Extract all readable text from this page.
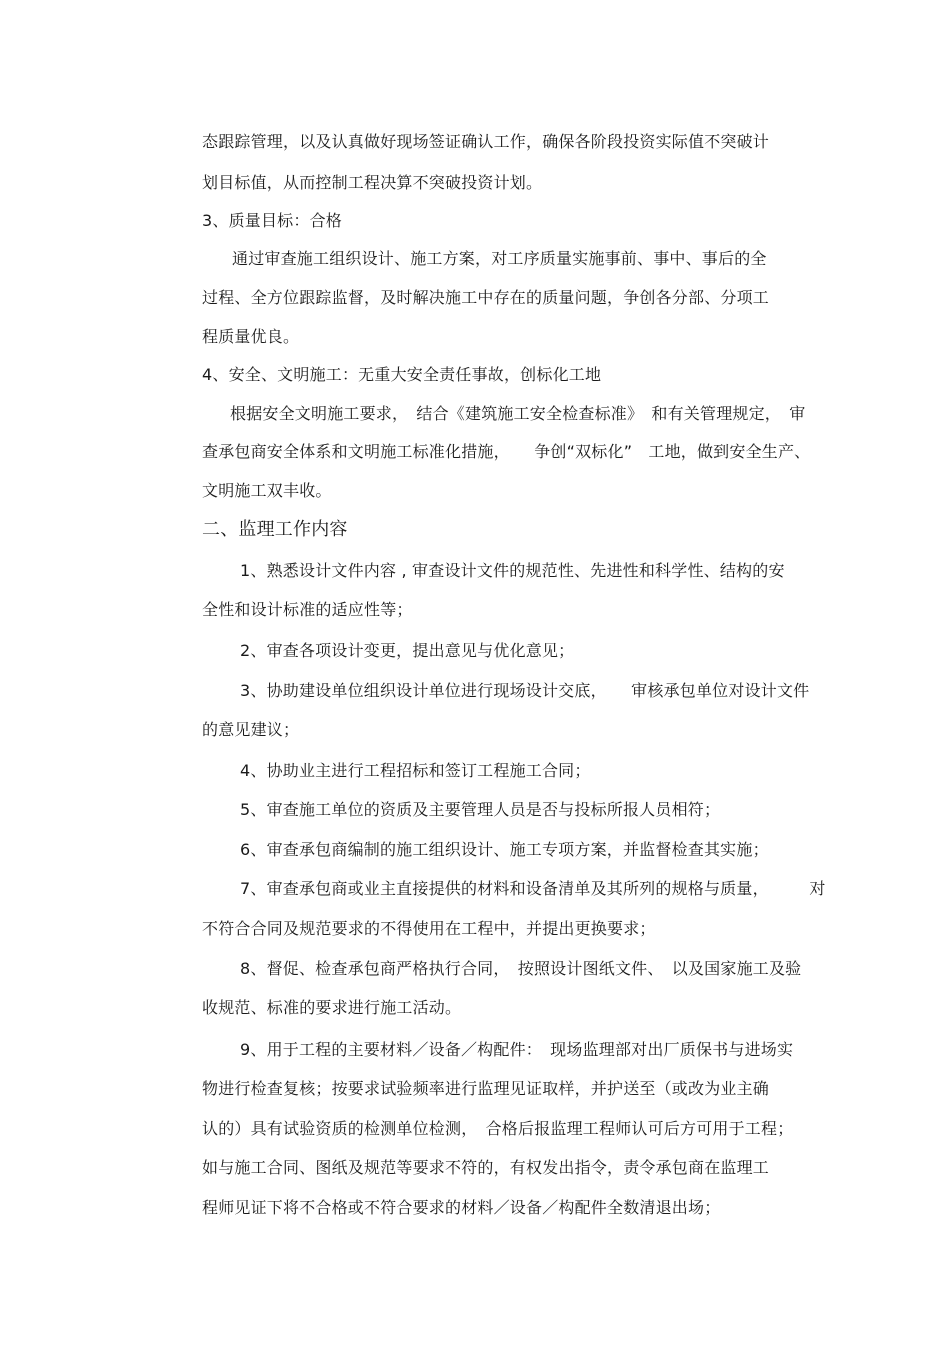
态跟踪管理，以及认真做好现场签证确认工作，确保各阶段投资实际值不突破计
划目标值，从而控制工程决算不突破投资计划。
3、质量目标：合格
通过审查施工组织设计、施工方案，对工序质量实施事前、事中、事后的全
过程、全方位跟踪监督，及时解决施工中存在的质量问题，争创各分部、分项工
程质量优良。
4、安全、文明施工：无重大安全责任事故，创标化工地
根据安全文明施工要求，　结合《建筑施工安全检查标准》　和有关管理规定，　审
查承包商安全体系和文明施工标准化措施，　　争创“双标化”　工地，做到安全生产、
文明施工双丰收。
二、监理工作内容
1、熟悉设计文件内容 , 审查设计文件的规范性、先进性和科学性、结构的安
全性和设计标准的适应性等；
2、审查各项设计变更，提出意见与优化意见；
3、协助建设单位组织设计单位进行现场设计交底，　　审核承包单位对设计文件
的意见建议；
4、协助业主进行工程招标和签订工程施工合同；
5、审查施工单位的资质及主要管理人员是否与投标所报人员相符；
6、审查承包商编制的施工组织设计、施工专项方案，并监督检查其实施；
7、审查承包商或业主直接提供的材料和设备清单及其所列的规格与质量，　　　对
不符合合同及规范要求的不得使用在工程中，并提出更换要求；
8、督促、检查承包商严格执行合同，　按照设计图纸文件、　以及国家施工及验
收规范、标准的要求进行施工活动。
9、用于工程的主要材料／设备／构配件：　现场监理部对出厂质保书与进场实
物进行检查复核；按要求试验频率进行监理见证取样，并护送至（或改为业主确
认的）具有试验资质的检测单位检测，　合格后报监理工程师认可后方可用于工程；
如与施工合同、图纸及规范等要求不符的，有权发出指令，责令承包商在监理工
程师见证下将不合格或不符合要求的材料／设备／构配件全数清退出场；
